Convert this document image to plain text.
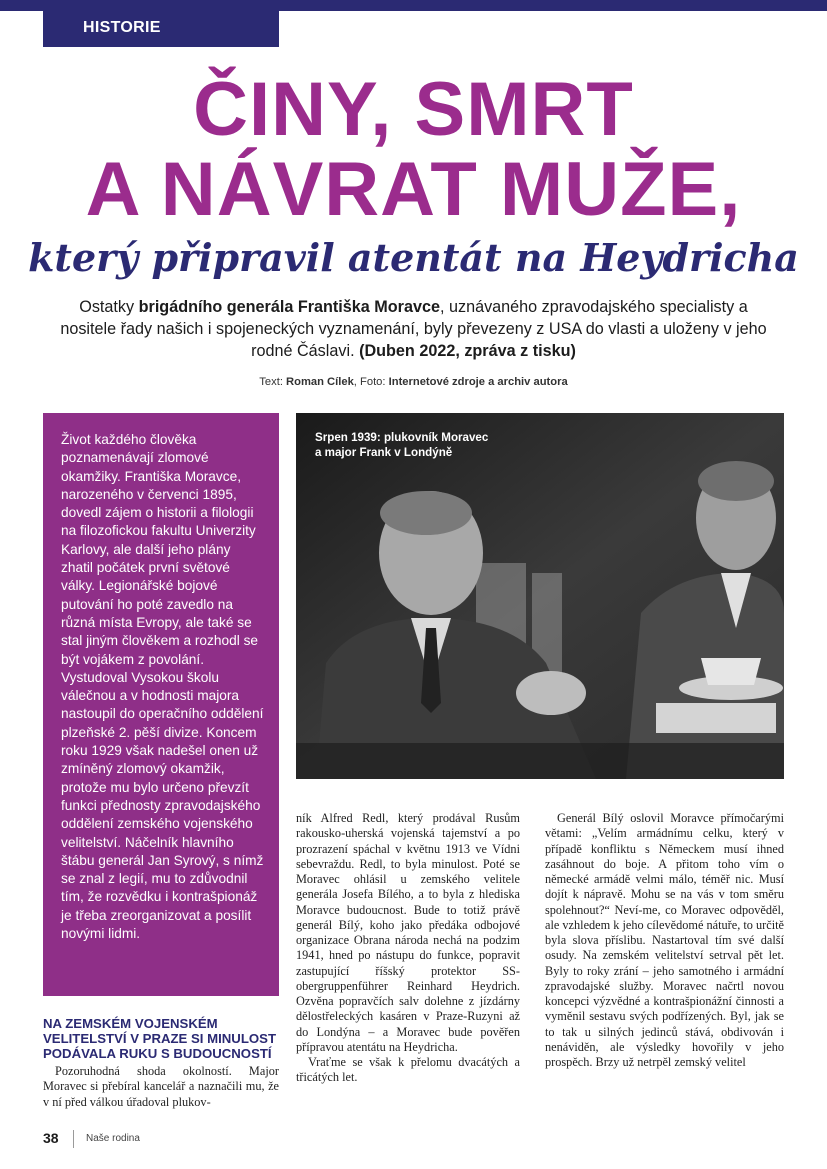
HISTORIE
ČINY, SMRT
A NÁVRAT MUŽE,
který připravil atentát na Heydricha

Ostatky brigádního generála Františka Moravce, uznávaného zpravodajského specialisty a nositele řady našich i spojeneckých vyznamenání, byly převezeny z USA do vlasti a uloženy v jeho rodné Čáslavi. (Duben 2022, zpráva z tisku)

Text: Roman Cílek, Foto: Internetové zdroje a archiv autora

Život každého člověka poznamenávají zlomové okamžiky. Františka Moravce, narozeného v červenci 1895, dovedl zájem o historii a filologii na filozofickou fakultu Univerzity Karlovy, ale další jeho plány zhatil počátek první světové války. Legionářské bojové putování ho poté zavedlo na různá místa Evropy, ale také se stal jiným člověkem a rozhodl se být vojákem z povolání. Vystudoval Vysokou školu válečnou a v hodnosti majora nastoupil do operačního oddělení plzeňské 2. pěší divize. Koncem roku 1929 však nadešel onen už zmíněný zlomový okamžik, protože mu bylo určeno převzít funkci přednosty zpravodajského oddělení zemského vojenského velitelství. Náčelník hlavního štábu generál Jan Syrový, s nímž se znal z legií, mu to zdůvodnil tím, že rozvědku i kontrašpionáž je třeba zreorganizovat a posílit novými lidmi.

Srpen 1939: plukovník Moravec
a major Frank v Londýně
NA ZEMSKÉM VOJENSKÉM VELITELSTVÍ V PRAZE SI MINULOST PODÁVALA RUKU S BUDOUCNOSTÍ

Pozoruhodná shoda okolností. Major Moravec si přebíral kancelář a naznačili mu, že v ní před válkou úřadoval plukov-

ník Alfred Redl, který prodával Rusům rakousko-uherská vojenská tajemství a po prozrazení spáchal v květnu 1913 ve Vídni sebevraždu. Redl, to byla minulost. Poté se Moravec ohlásil u zemského velitele generála Josefa Bílého, a to byla z hlediska Moravce budoucnost. Bude to totiž právě generál Bílý, koho jako předáka odbojové organizace Obrana národa nechá na podzim 1941, hned po nástupu do funkce, popravit zastupující říšský protektor SS-obergruppenführer Reinhard Heydrich. Ozvěna popravčích salv dolehne z jízdárny dělostřeleckých kasáren v Praze-Ruzyni až do Londýna – a Moravec bude pověřen přípravou atentátu na Heydricha.

Vraťme se však k přelomu dvacátých a třicátých let.

Generál Bílý oslovil Moravce přímočarými větami: „Velím armádnímu celku, který v případě konfliktu s Německem musí ihned zasáhnout do boje. A přitom toho vím o německé armádě velmi málo, téměř nic. Musí dojít k nápravě. Mohu se na vás v tom směru spolehnout?“ Neví-me, co Moravec odpověděl, ale vzhledem k jeho cílevědomé nátuře, to určitě byla slova příslibu. Nastartoval tím své další osudy. Na zemském velitelství setrval pět let. Byly to roky zrání – jeho samotného i armádní zpravodajské služby. Moravec načrtl novou koncepci výzvědné a kontrašpionážní činnosti a vyměnil sestavu svých podřízených. Byl, jak se to tak u silných jedinců stává, obdivován i nenáviděn, ale výsledky hovořily v jeho prospěch. Brzy už netrpěl zemský velitel

38	Naše rodina
